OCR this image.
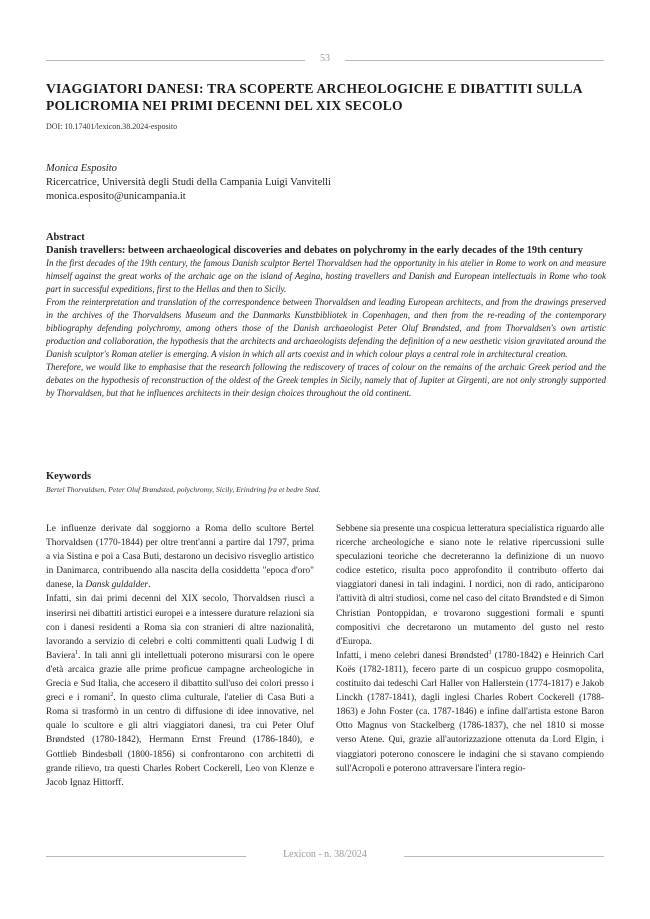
53
VIAGGIATORI DANESI: TRA SCOPERTE ARCHEOLOGICHE E DIBATTITI SULLA POLICROMIA NEI PRIMI DECENNI DEL XIX SECOLO
DOI: 10.17401/lexicon.38.2024-esposito
Monica Esposito
Ricercatrice, Università degli Studi della Campania Luigi Vanvitelli
monica.esposito@unicampania.it
Abstract
Danish travellers: between archaeological discoveries and debates on polychromy in the early decades of the 19th century

In the first decades of the 19th century, the famous Danish sculptor Bertel Thorvaldsen had the opportunity in his atelier in Rome to work on and measure himself against the great works of the archaic age on the island of Aegina, hosting travellers and Danish and European intellectuals in Rome who took part in successful expeditions, first to the Hellas and then to Sicily.

From the reinterpretation and translation of the correspondence between Thorvaldsen and leading European architects, and from the drawings preserved in the archives of the Thorvaldsens Museum and the Danmarks Kunstbibliotek in Copenhagen, and then from the re-reading of the contemporary bibliography defending polychromy, among others those of the Danish archaeologist Peter Oluf Brøndsted, and from Thorvaldsen's own artistic production and collaboration, the hypothesis that the architects and archaeologists defending the definition of a new aesthetic vision gravitated around the Danish sculptor's Roman atelier is emerging. A vision in which all arts coexist and in which colour plays a central role in architectural creation.

Therefore, we would like to emphasise that the research following the rediscovery of traces of colour on the remains of the archaic Greek period and the debates on the hypothesis of reconstruction of the oldest of the Greek temples in Sicily, namely that of Jupiter at Girgenti, are not only strongly supported by Thorvaldsen, but that he influences architects in their design choices throughout the old continent.

Keywords
Bertel Thorvaldsen, Peter Oluf Brøndsted, polychromy, Sicily, Erindring fra et bedre Stød.

Le influenze derivate dal soggiorno a Roma dello scultore Bertel Thorvaldsen (1770-1844) per oltre trent'anni a partire dal 1797, prima a via Sistina e poi a Casa Buti, destarono un decisivo risveglio artistico in Danimarca, contribuendo alla nascita della cosiddetta "epoca d'oro" danese, la Dansk guldalder.

Infatti, sin dai primi decenni del XIX secolo, Thorvaldsen riuscì a inserirsi nei dibattiti artistici europei e a intessere durature relazioni sia con i danesi residenti a Roma sia con stranieri di altre nazionalità, lavorando a servizio di celebri e colti committenti quali Ludwig I di Baviera$^1$. In tali anni gli intellettuali poterono misurarsi con le opere d'età arcaica grazie alle prime proficue campagne archeologiche in Grecia e Sud Italia, che accesero il dibattito sull'uso dei colori presso i greci e i romani$^2$. In questo clima culturale, l'atelier di Casa Buti a Roma si trasformò in un centro di diffusione di idee innovative, nel quale lo scultore e gli altri viaggiatori danesi, tra cui Peter Oluf Brøndsted (1780-1842), Hermann Ernst Freund (1786-1840), e Gottlieb Bindesbøll (1800-1856) si confrontarono con architetti di grande rilievo, tra questi Charles Robert Cockerell, Leo von Klenze e Jacob Ignaz Hittorff.

Sebbene sia presente una cospicua letteratura specialistica riguardo alle ricerche archeologiche e siano note le relative ripercussioni sulle speculazioni teoriche che decreteranno la definizione di un nuovo codice estetico, risulta poco approfondito il contributo offerto dai viaggiatori danesi in tali indagini. I nordici, non di rado, anticiparono l'attività di altri studiosi, come nel caso del citato Brøndsted e di Simon Christian Pontoppidan, e trovarono suggestioni formali e spunti compositivi che decretarono un mutamento del gusto nel resto d'Europa.

Infatti, i meno celebri danesi Brøndsted$^3$ (1780-1842) e Heinrich Carl Koës (1782-1811), fecero parte di un cospicuo gruppo cosmopolita, costituito dai tedeschi Carl Haller von Hallerstein (1774-1817) e Jakob Linckh (1787-1841), dagli inglesi Charles Robert Cockerell (1788-1863) e John Foster (ca. 1787-1846) e infine dall'artista estone Baron Otto Magnus von Stackelberg (1786-1837), che nel 1810 si mosse verso Atene. Qui, grazie all'autorizzazione ottenuta da Lord Elgin, i viaggiatori poterono conoscere le indagini che si stavano compiendo sull'Acropoli e poterono attraversare l'intera regio-

Lexicon - n. 38/2024
